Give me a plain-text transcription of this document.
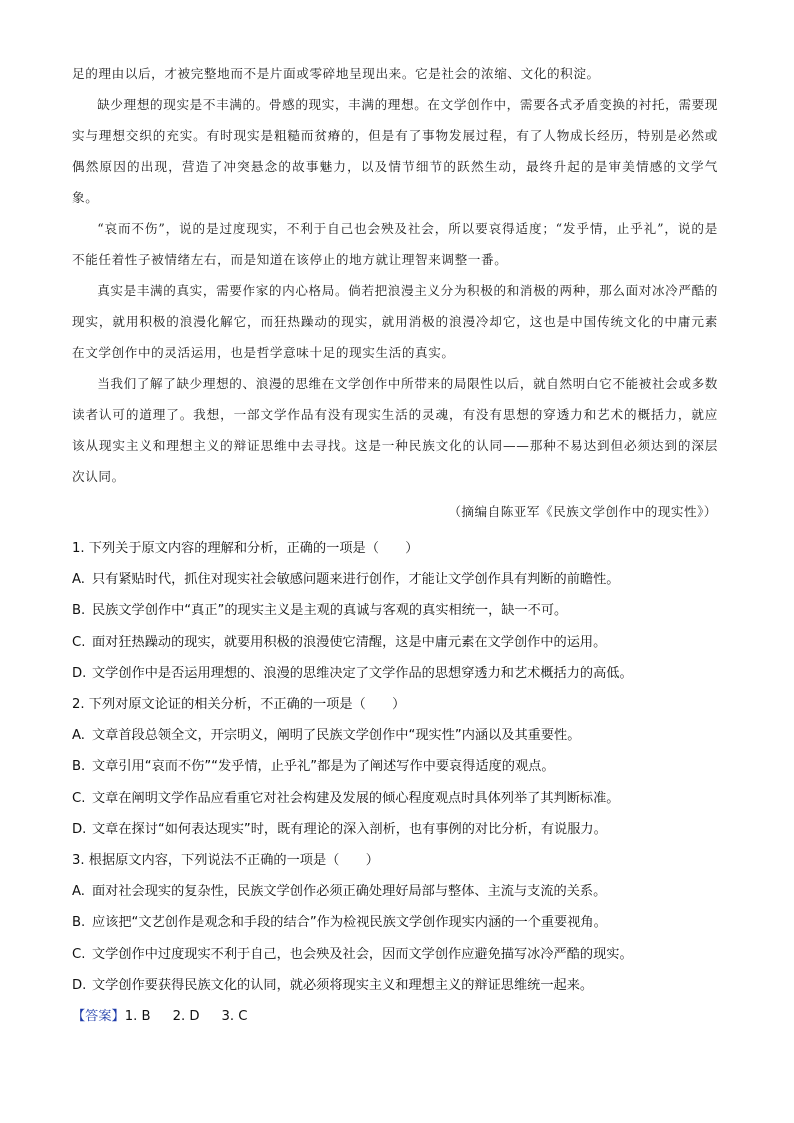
足的理由以后，才被完整地而不是片面或零碎地呈现出来。它是社会的浓缩、文化的积淀。

缺少理想的现实是不丰满的。骨感的现实，丰满的理想。在文学创作中，需要各式矛盾变换的衬托，需要现实与理想交织的充实。有时现实是粗糙而贫瘠的，但是有了事物发展过程，有了人物成长经历，特别是必然或偶然原因的出现，营造了冲突悬念的故事魅力，以及情节细节的跃然生动，最终升起的是审美情感的文学气象。

“哀而不伤”，说的是过度现实，不利于自己也会殃及社会，所以要哀得适度；“发乎情，止乎礼”，说的是不能任着性子被情绪左右，而是知道在该停止的地方就让理智来调整一番。

真实是丰满的真实，需要作家的内心格局。倘若把浪漫主义分为积极的和消极的两种，那么面对冰冷严酷的现实，就用积极的浪漫化解它，而狂热躁动的现实，就用消极的浪漫冷却它，这也是中国传统文化的中庸元素在文学创作中的灵活运用，也是哲学意味十足的现实生活的真实。

当我们了解了缺少理想的、浪漫的思维在文学创作中所带来的局限性以后，就自然明白它不能被社会或多数读者认可的道理了。我想，一部文学作品有没有现实生活的灵魂，有没有思想的穿透力和艺术的概括力，就应该从现实主义和理想主义的辩证思维中去寻找。这是一种民族文化的认同——那种不易达到但必须达到的深层次认同。

（摘编自陈亚军《民族文学创作中的现实性》）
1. 下列关于原文内容的理解和分析，正确的一项是（　　）
A. 只有紧贴时代，抓住对现实社会敏感问题来进行创作，才能让文学创作具有判断的前瞻性。
B. 民族文学创作中“真正”的现实主义是主观的真诚与客观的真实相统一，缺一不可。
C. 面对狂热躁动的现实，就要用积极的浪漫使它清醒，这是中庸元素在文学创作中的运用。
D. 文学创作中是否运用理想的、浪漫的思维决定了文学作品的思想穿透力和艺术概括力的高低。
2. 下列对原文论证的相关分析，不正确的一项是（　　）
A. 文章首段总领全文，开宗明义，阐明了民族文学创作中“现实性”内涵以及其重要性。
B. 文章引用“哀而不伤”“发乎情，止乎礼”都是为了阐述写作中要哀得适度的观点。
C. 文章在阐明文学作品应看重它对社会构建及发展的倾心程度观点时具体列举了其判断标准。
D. 文章在探讨“如何表达现实”时，既有理论的深入剖析，也有事例的对比分析，有说服力。
3. 根据原文内容，下列说法不正确的一项是（　　）
A. 面对社会现实的复杂性，民族文学创作必须正确处理好局部与整体、主流与支流的关系。
B. 应该把“文艺创作是观念和手段的结合”作为检视民族文学创作现实内涵的一个重要视角。
C. 文学创作中过度现实不利于自己，也会殃及社会，因而文学创作应避免描写冰冷严酷的现实。
D. 文学创作要获得民族文化的认同，就必须将现实主义和理想主义的辩证思维统一起来。
【答案】1. B 2. D 3. C
